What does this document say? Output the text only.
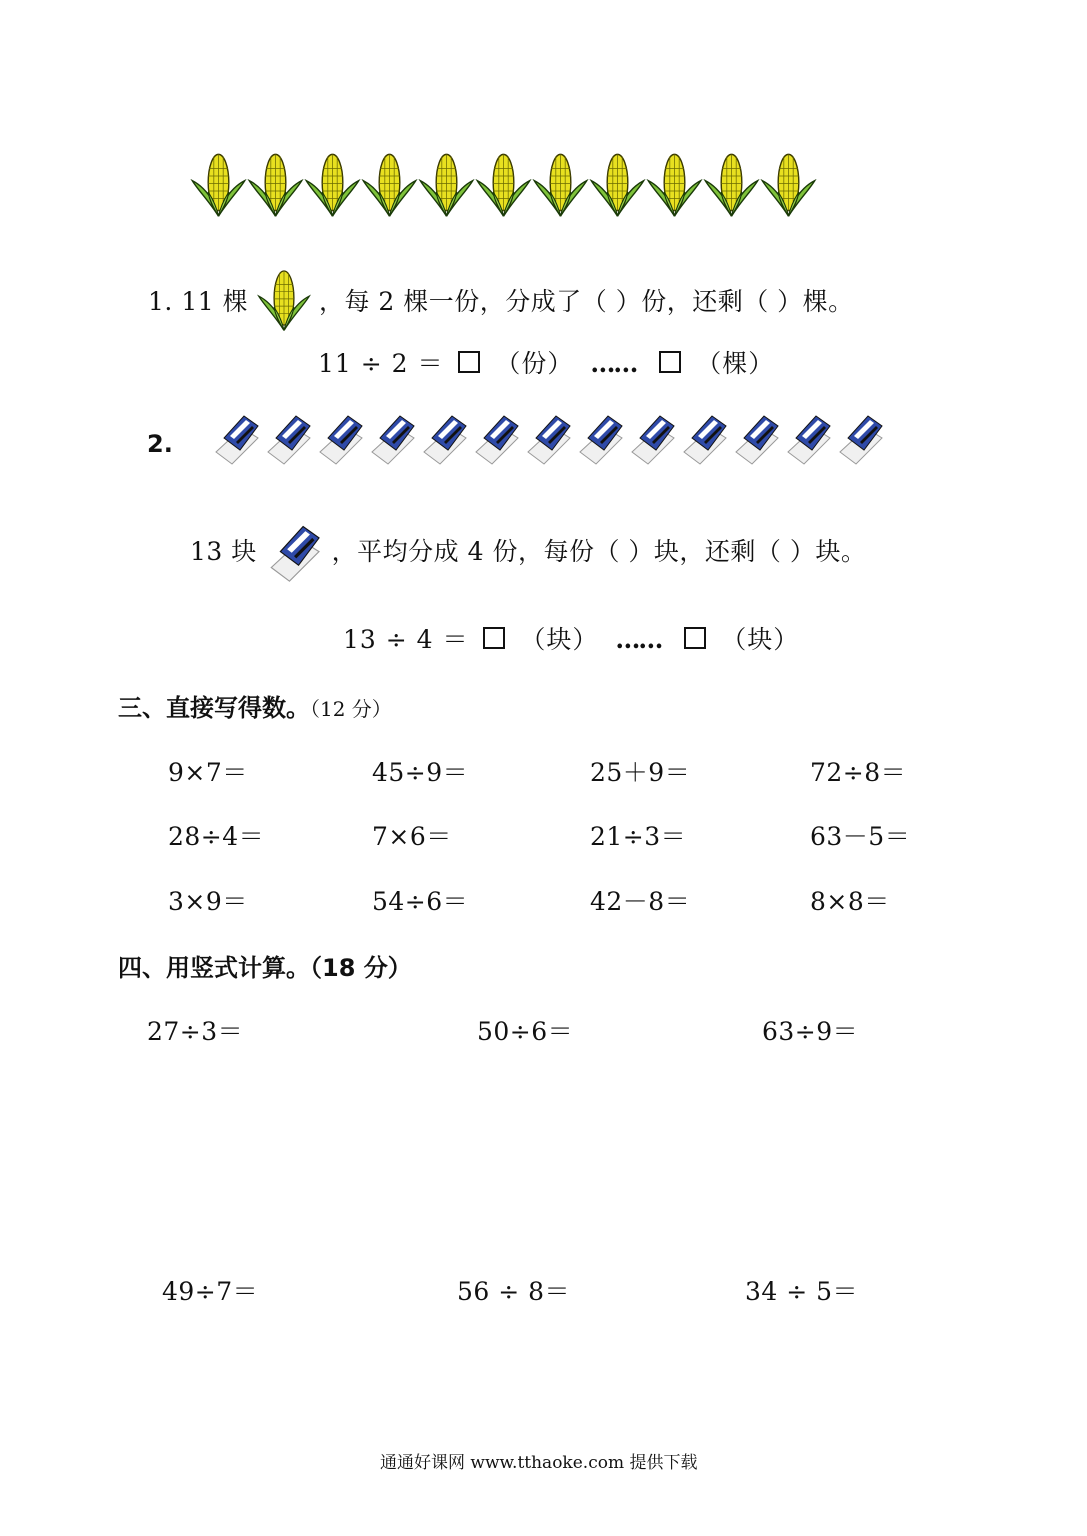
1. 11 棵	，每 2 棵一份，分成了（ ）份，还剩（ ）棵。
11 ÷ 2 ＝ （份） …… （棵）
2.
13 块	，平均分成 4 份，每份（ ）块，还剩（ ）块。
13 ÷ 4 ＝ （块） …… （块）
三、直接写得数。（12 分）
9×7＝	45÷9＝	25＋9＝	72÷8＝
28÷4＝	7×6＝	21÷3＝	63－5＝
3×9＝	54÷6＝	42－8＝	8×8＝
四、用竖式计算。（18 分）
27÷3＝	50÷6＝	63÷9＝
49÷7＝	56 ÷ 8＝	34 ÷ 5＝
通通好课网 www.tthaoke.com 提供下载
